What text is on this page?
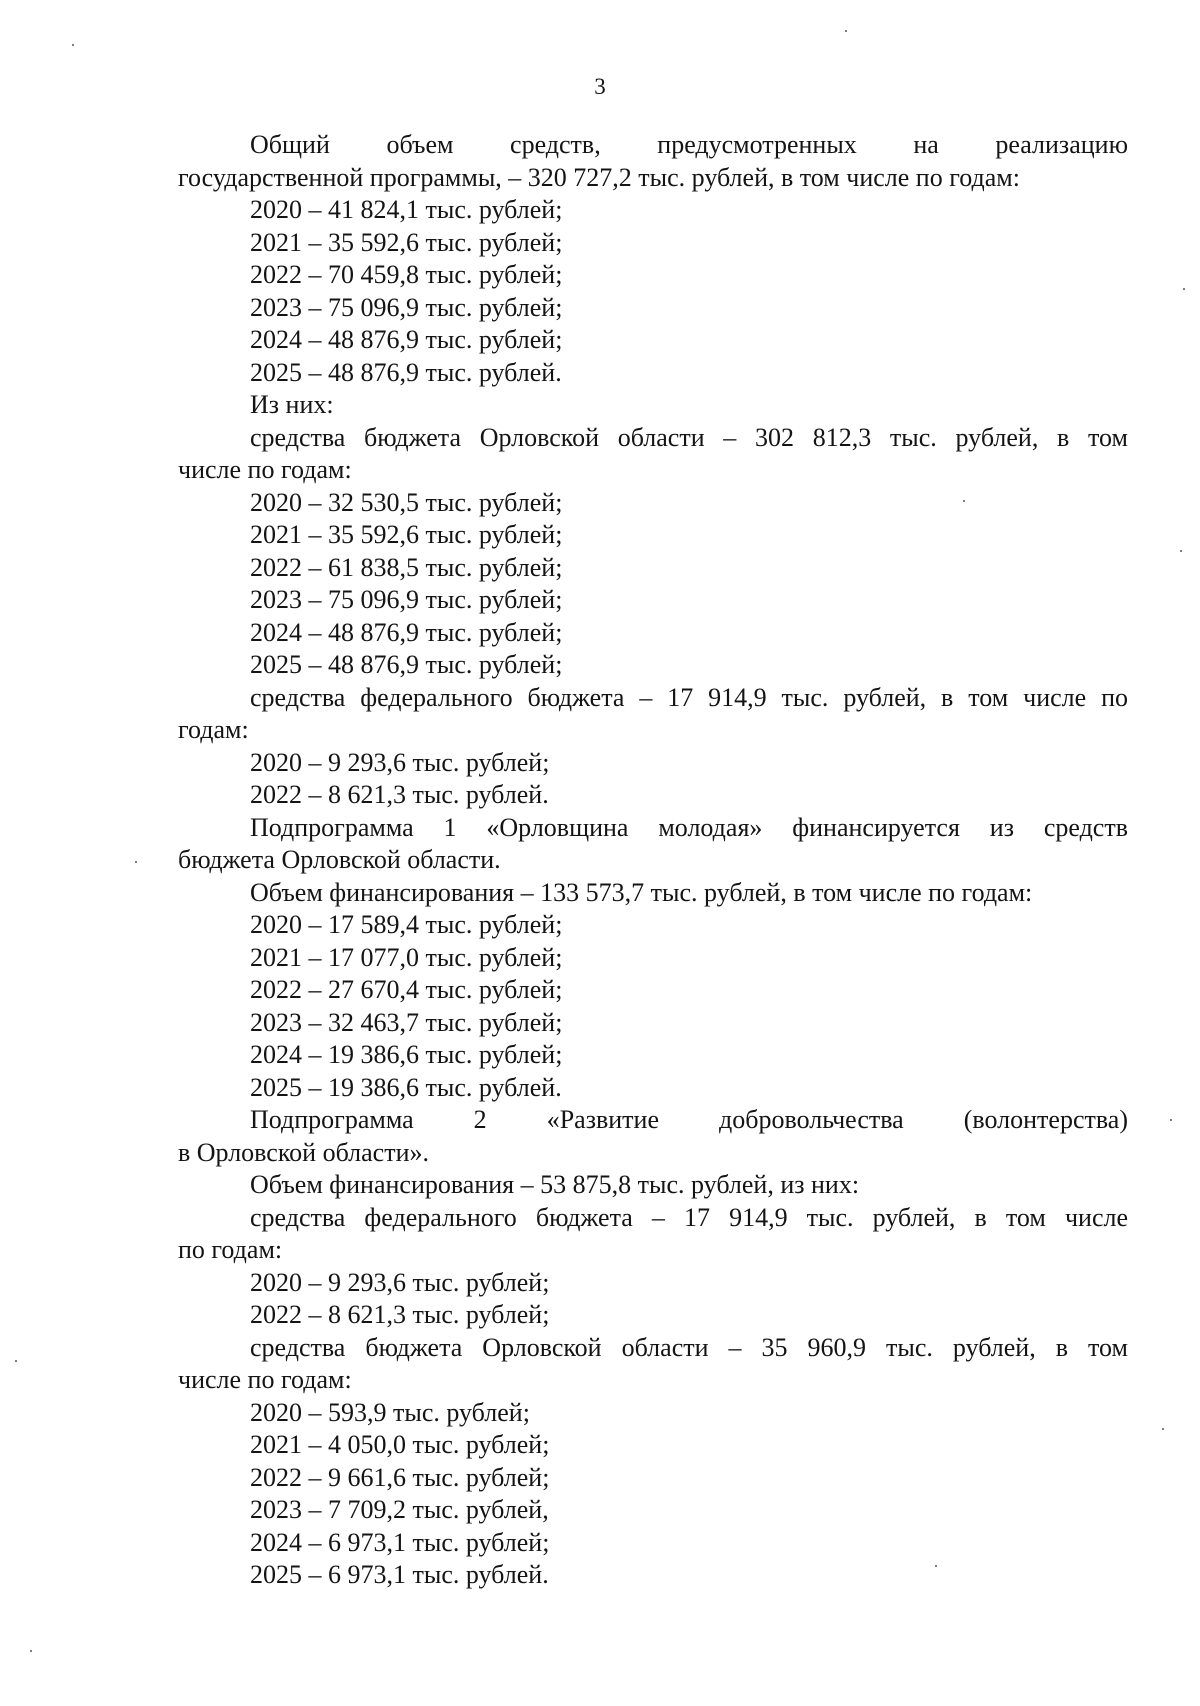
3
Общий объем средств, предусмотренных на реализацию
государственной программы, – 320 727,2 тыс. рублей, в том числе по годам:
2020 – 41 824,1 тыс. рублей;
2021 – 35 592,6 тыс. рублей;
2022 – 70 459,8 тыс. рублей;
2023 – 75 096,9 тыс. рублей;
2024 – 48 876,9 тыс. рублей;
2025 – 48 876,9 тыс. рублей.
Из них:
средства бюджета Орловской области – 302 812,3 тыс. рублей, в том
числе по годам:
2020 – 32 530,5 тыс. рублей;
2021 – 35 592,6 тыс. рублей;
2022 – 61 838,5 тыс. рублей;
2023 – 75 096,9 тыс. рублей;
2024 – 48 876,9 тыс. рублей;
2025 – 48 876,9 тыс. рублей;
средства федерального бюджета – 17 914,9 тыс. рублей, в том числе по
годам:
2020 – 9 293,6 тыс. рублей;
2022 – 8 621,3 тыс. рублей.
Подпрограмма 1 «Орловщина молодая» финансируется из средств
бюджета Орловской области.
Объем финансирования – 133 573,7 тыс. рублей, в том числе по годам:
2020 – 17 589,4 тыс. рублей;
2021 – 17 077,0 тыс. рублей;
2022 – 27 670,4 тыс. рублей;
2023 – 32 463,7 тыс. рублей;
2024 – 19 386,6 тыс. рублей;
2025 – 19 386,6 тыс. рублей.
Подпрограмма 2 «Развитие добровольчества (волонтерства)
в Орловской области».
Объем финансирования – 53 875,8 тыс. рублей, из них:
средства федерального бюджета – 17 914,9 тыс. рублей, в том числе
по годам:
2020 – 9 293,6 тыс. рублей;
2022 – 8 621,3 тыс. рублей;
средства бюджета Орловской области – 35 960,9 тыс. рублей, в том
числе по годам:
2020 – 593,9 тыс. рублей;
2021 – 4 050,0 тыс. рублей;
2022 – 9 661,6 тыс. рублей;
2023 – 7 709,2 тыс. рублей,
2024 – 6 973,1 тыс. рублей;
2025 – 6 973,1 тыс. рублей.
